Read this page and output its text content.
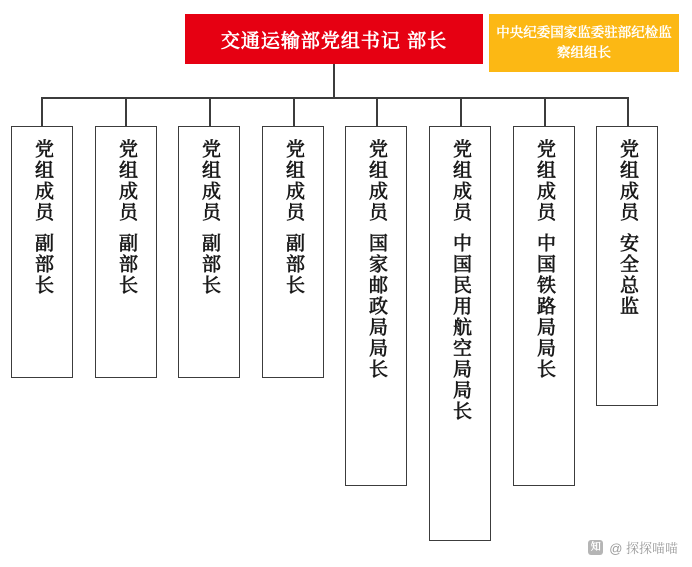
交通运输部党组书记 部长	中央纪委国家监委驻部纪检监察组组长
党组成员
副部长
党组成员
副部长
党组成员
副部长
党组成员
副部长
党组成员
国家邮政局局长
党组成员
中国民用航空局局长
党组成员
中国铁路局局长
党组成员
安全总监
知 @ 探探喵喵
